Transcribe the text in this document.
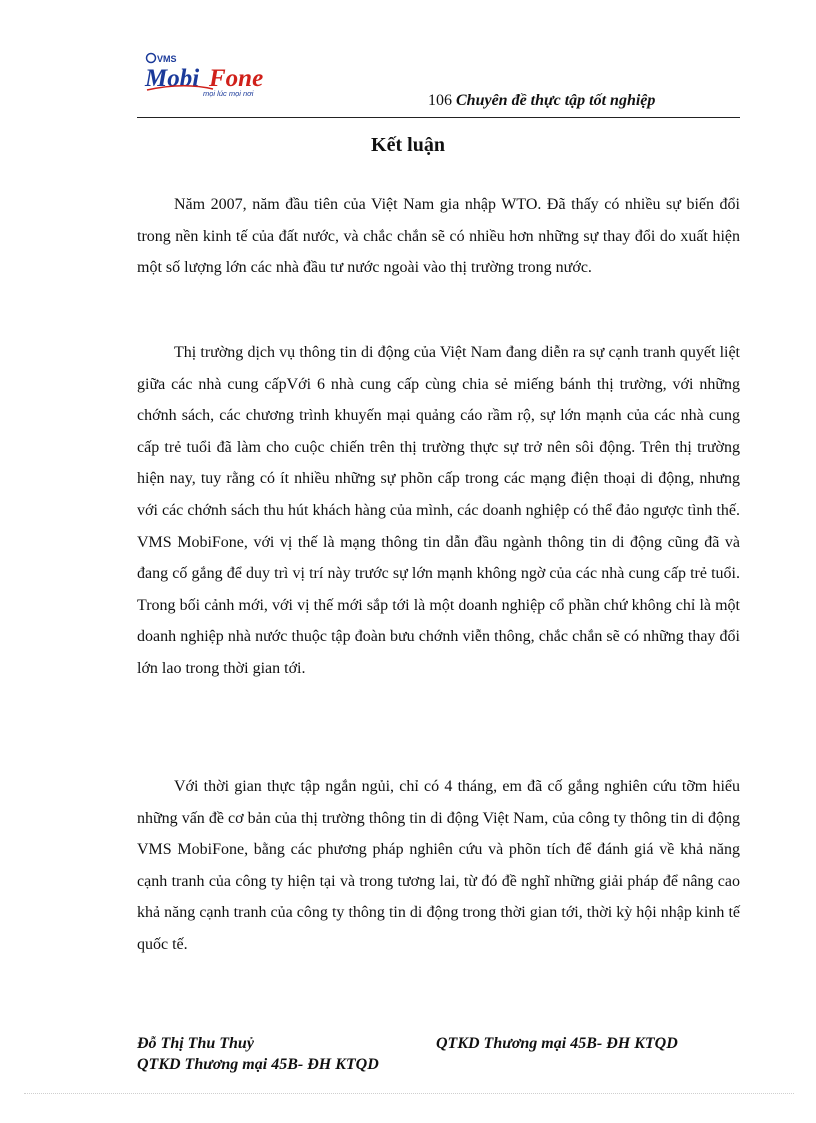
VMS
Mobi Fone
mọi lúc mọi nơi	106 Chuyên đề thực tập tốt nghiệp
Kết luận

Năm 2007, năm đầu tiên của Việt Nam gia nhập WTO. Đã thấy có nhiều sự biến đổi trong nền kinh tế của đất nước, và chắc chắn sẽ có nhiều hơn những sự thay đổi do xuất hiện một số lượng lớn các nhà đầu tư nước ngoài vào thị trường trong nước.

Thị trường dịch vụ thông tin di động của Việt Nam đang diễn ra sự cạnh tranh quyết liệt giữa các nhà cung cấpVới 6 nhà cung cấp cùng chia sẻ miếng bánh thị trường, với những chớnh sách, các chương trình khuyến mại quảng cáo rầm rộ, sự lớn mạnh của các nhà cung cấp trẻ tuổi đã làm cho cuộc chiến trên thị trường thực sự trở nên sôi động. Trên thị trường hiện nay, tuy rằng có ít nhiều những sự phõn cấp trong các mạng điện thoại di động, nhưng với các chớnh sách thu hút khách hàng của mình, các doanh nghiệp có thể đảo ngược tình thế. VMS MobiFone, với vị thế là mạng thông tin dẫn đầu ngành thông tin di động cũng đã và đang cố gắng để duy trì vị trí này trước sự lớn mạnh không ngờ của các nhà cung cấp trẻ tuổi. Trong bối cảnh mới, với vị thế mới sắp tới là một doanh nghiệp cổ phần chứ không chỉ là một doanh nghiệp nhà nước thuộc tập đoàn bưu chớnh viễn thông, chắc chắn sẽ có những thay đổi lớn lao trong thời gian tới.

Với thời gian thực tập ngắn ngủi, chỉ có 4 tháng, em đã cố gắng nghiên cứu tỡm hiểu những vấn đề cơ bản của thị trường thông tin di động Việt Nam, của công ty thông tin di động VMS MobiFone, bằng các phương pháp nghiên cứu và phõn tích để đánh giá về khả năng cạnh tranh của công ty hiện tại và trong tương lai, từ đó đề nghĩ những giải pháp để nâng cao khả năng cạnh tranh của công ty thông tin di động trong thời gian tới, thời kỳ hội nhập kinh tế quốc tế.

Đỗ Thị Thu Thuỷ	QTKD Thương mại 45B- ĐH KTQD
QTKD Thương mại 45B- ĐH KTQD
